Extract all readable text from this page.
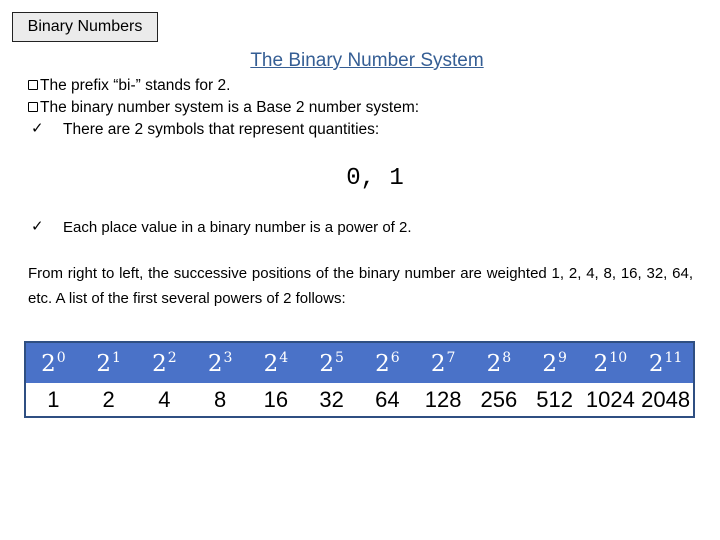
Binary Numbers
The Binary Number System
The prefix “bi-” stands for 2.
The binary number system is a Base 2 number system:
✓ There are 2 symbols that represent quantities:
0, 1
✓ Each place value in a binary number is a power of 2.
From right to left, the successive positions of the binary number are weighted 1, 2, 4, 8, 16, 32, 64, etc. A list of the first several powers of 2 follows:
$2^0$	$2^1$	$2^2$	$2^3$	$2^4$	$2^5$	$2^6$	$2^7$	$2^8$	$2^9$	$2^{10}$	$2^{11}$
1	2	4	8	16	32	64	128	256	512	1024	2048
